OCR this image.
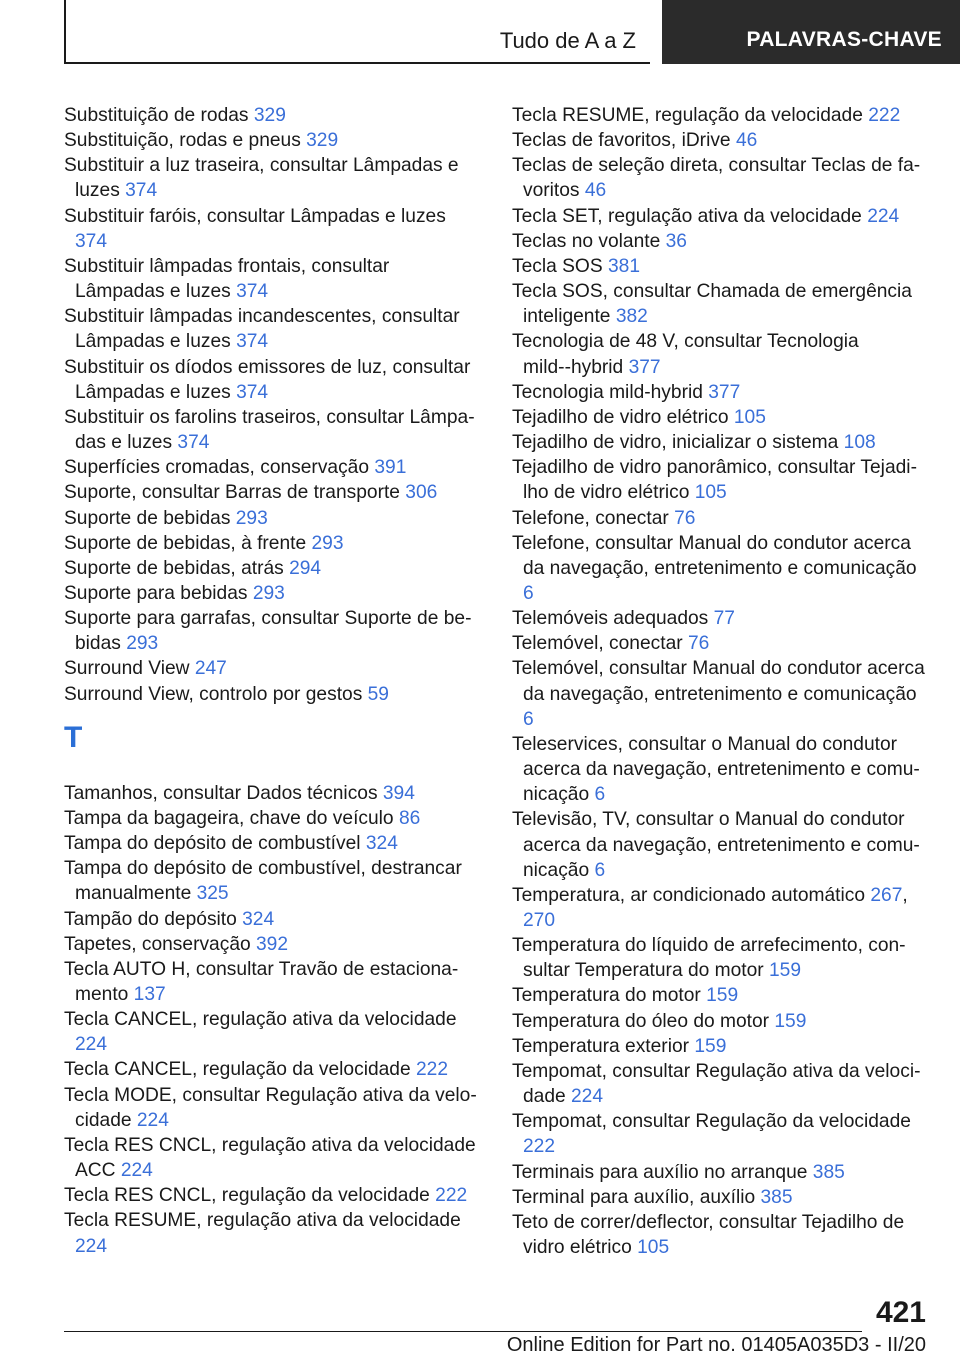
Tudo de A a Z	PALAVRAS-CHAVE
Substituição de rodas 329
Substituição, rodas e pneus 329
Substituir a luz traseira, consultar Lâmpadas e luzes 374
Substituir faróis, consultar Lâmpadas e luzes 374
Substituir lâmpadas frontais, consultar Lâmpadas e luzes 374
Substituir lâmpadas incandescentes, consultar Lâmpadas e luzes 374
Substituir os díodos emissores de luz, consultar Lâmpadas e luzes 374
Substituir os farolins traseiros, consultar Lâmpadas e luzes 374
Superfícies cromadas, conservação 391
Suporte, consultar Barras de transporte 306
Suporte de bebidas 293
Suporte de bebidas, à frente 293
Suporte de bebidas, atrás 294
Suporte para bebidas 293
Suporte para garrafas, consultar Suporte de bebidas 293
Surround View 247
Surround View, controlo por gestos 59
T
Tamanhos, consultar Dados técnicos 394
Tampa da bagageira, chave do veículo 86
Tampa do depósito de combustível 324
Tampa do depósito de combustível, destrancar manualmente 325
Tampão do depósito 324
Tapetes, conservação 392
Tecla AUTO H, consultar Travão de estacionamento 137
Tecla CANCEL, regulação ativa da velocidade 224
Tecla CANCEL, regulação da velocidade 222
Tecla MODE, consultar Regulação ativa da velocidade 224
Tecla RES CNCL, regulação ativa da velocidade ACC 224
Tecla RES CNCL, regulação da velocidade 222
Tecla RESUME, regulação ativa da velocidade 224
Tecla RESUME, regulação da velocidade 222
Teclas de favoritos, iDrive 46
Teclas de seleção direta, consultar Teclas de favoritos 46
Tecla SET, regulação ativa da velocidade 224
Teclas no volante 36
Tecla SOS 381
Tecla SOS, consultar Chamada de emergência inteligente 382
Tecnologia de 48 V, consultar Tecnologia mild‑‑hybrid 377
Tecnologia mild-hybrid 377
Tejadilho de vidro elétrico 105
Tejadilho de vidro, inicializar o sistema 108
Tejadilho de vidro panorâmico, consultar Tejadilho de vidro elétrico 105
Telefone, conectar 76
Telefone, consultar Manual do condutor acerca da navegação, entretenimento e comunicação 6
Telemóveis adequados 77
Telemóvel, conectar 76
Telemóvel, consultar Manual do condutor acerca da navegação, entretenimento e comunicação 6
Teleservices, consultar o Manual do condutor acerca da navegação, entretenimento e comunicação 6
Televisão, TV, consultar o Manual do condutor acerca da navegação, entretenimento e comunicação 6
Temperatura, ar condicionado automático 267, 270
Temperatura do líquido de arrefecimento, consultar Temperatura do motor 159
Temperatura do motor 159
Temperatura do óleo do motor 159
Temperatura exterior 159
Tempomat, consultar Regulação ativa da velocidade 224
Tempomat, consultar Regulação da velocidade 222
Terminais para auxílio no arranque 385
Terminal para auxílio, auxílio 385
Teto de correr/deflector, consultar Tejadilho de vidro elétrico 105
421
Online Edition for Part no. 01405A035D3 - II/20
